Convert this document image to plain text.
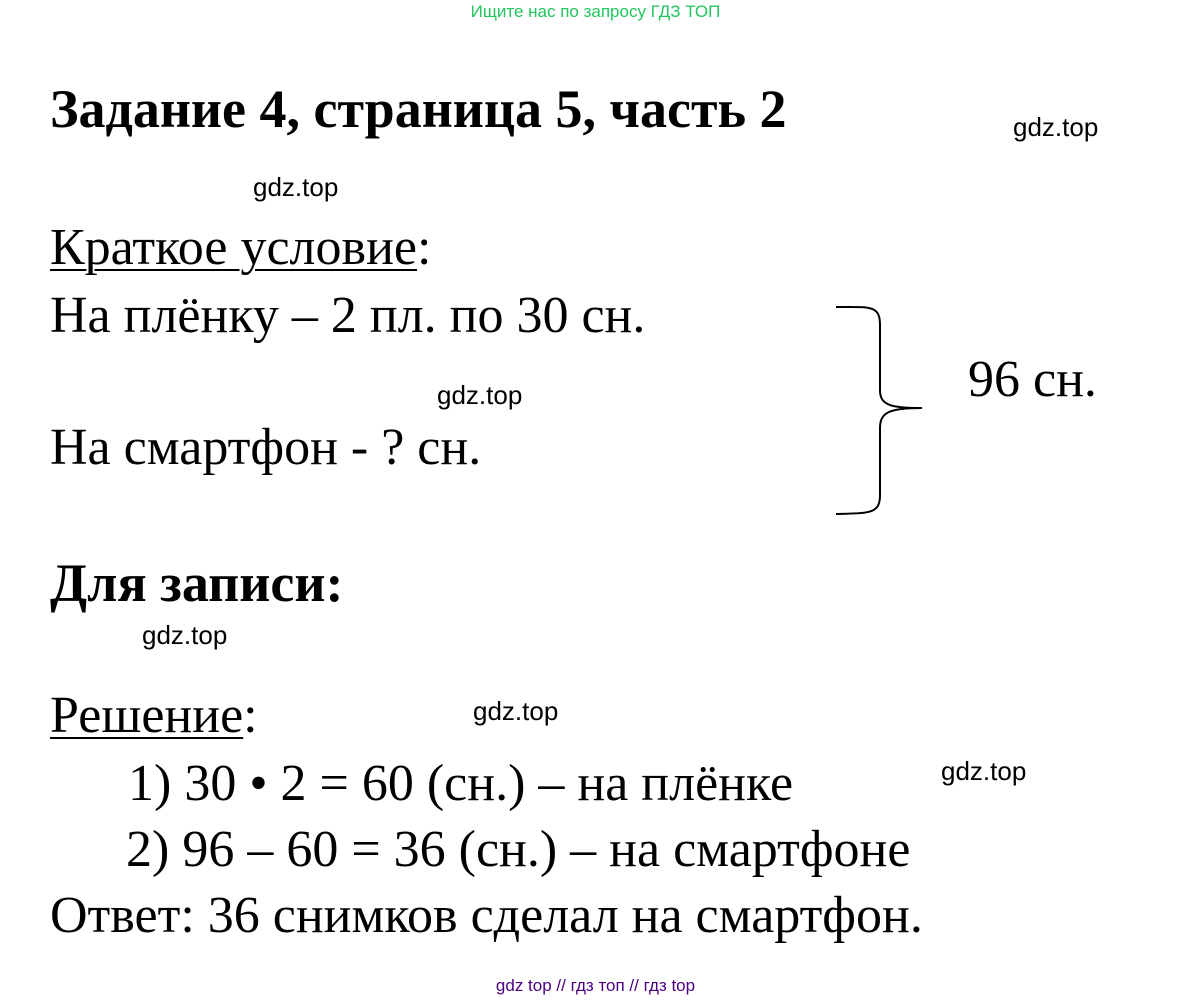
Ищите нас по запросу ГДЗ ТОП
Задание 4, страница 5, часть 2	gdz.top
gdz.top
Краткое условие:
На плёнку – 2 пл. по 30 сн.
gdz.top
На смартфон - ? сн.
96 сн.
Для записи:
gdz.top
Решение:	gdz.top
1) 30 • 2 = 60 (сн.) – на плёнке	gdz.top
2) 96 – 60 = 36 (сн.) – на смартфоне
Ответ: 36 снимков сделал на смартфон.
gdz top // гдз топ // гдз top
